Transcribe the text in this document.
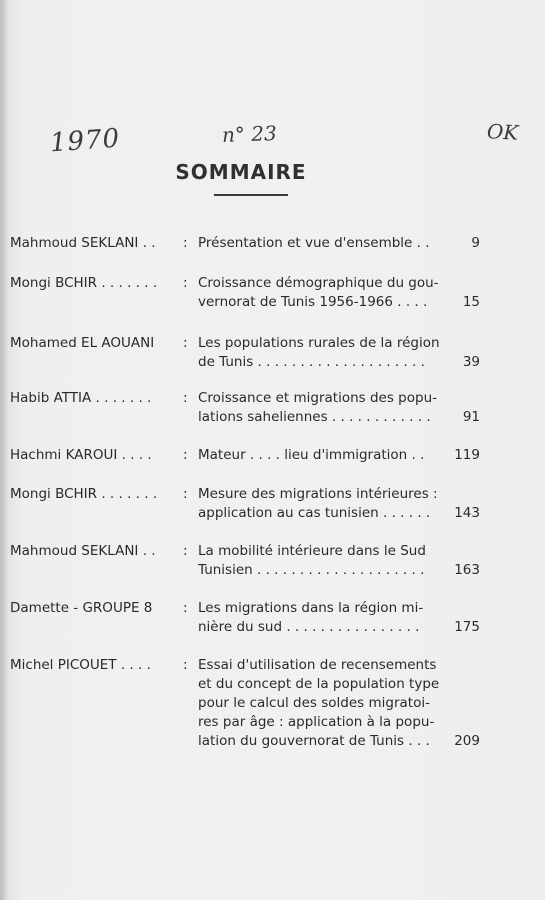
1970	n° 23	OK
SOMMAIRE
Mahmoud SEKLANI . . : Présentation et vue d'ensemble . .	9
Mongi BCHIR . . . . . . . : Croissance démographique du gou-
vernorat de Tunis 1956-1966 . . . .	15
Mohamed EL AOUANI : Les populations rurales de la région
de Tunis . . . . . . . . . . . . . . . . . . . .	39
Habib ATTIA . . . . . . . : Croissance et migrations des popu-
lations saheliennes . . . . . . . . . . . .	91
Hachmi KAROUI . . . . : Mateur . . . . lieu d'immigration . .	119
Mongi BCHIR . . . . . . . : Mesure des migrations intérieures :
application au cas tunisien . . . . . .	143
Mahmoud SEKLANI . . : La mobilité intérieure dans le Sud
Tunisien . . . . . . . . . . . . . . . . . . . .	163
Damette - GROUPE 8 : Les migrations dans la région mi-
nière du sud . . . . . . . . . . . . . . . .	175
Michel PICOUET . . . . : Essai d'utilisation de recensements
et du concept de la population type
pour le calcul des soldes migratoi-
res par âge : application à la popu-
lation du gouvernorat de Tunis . . .	209
